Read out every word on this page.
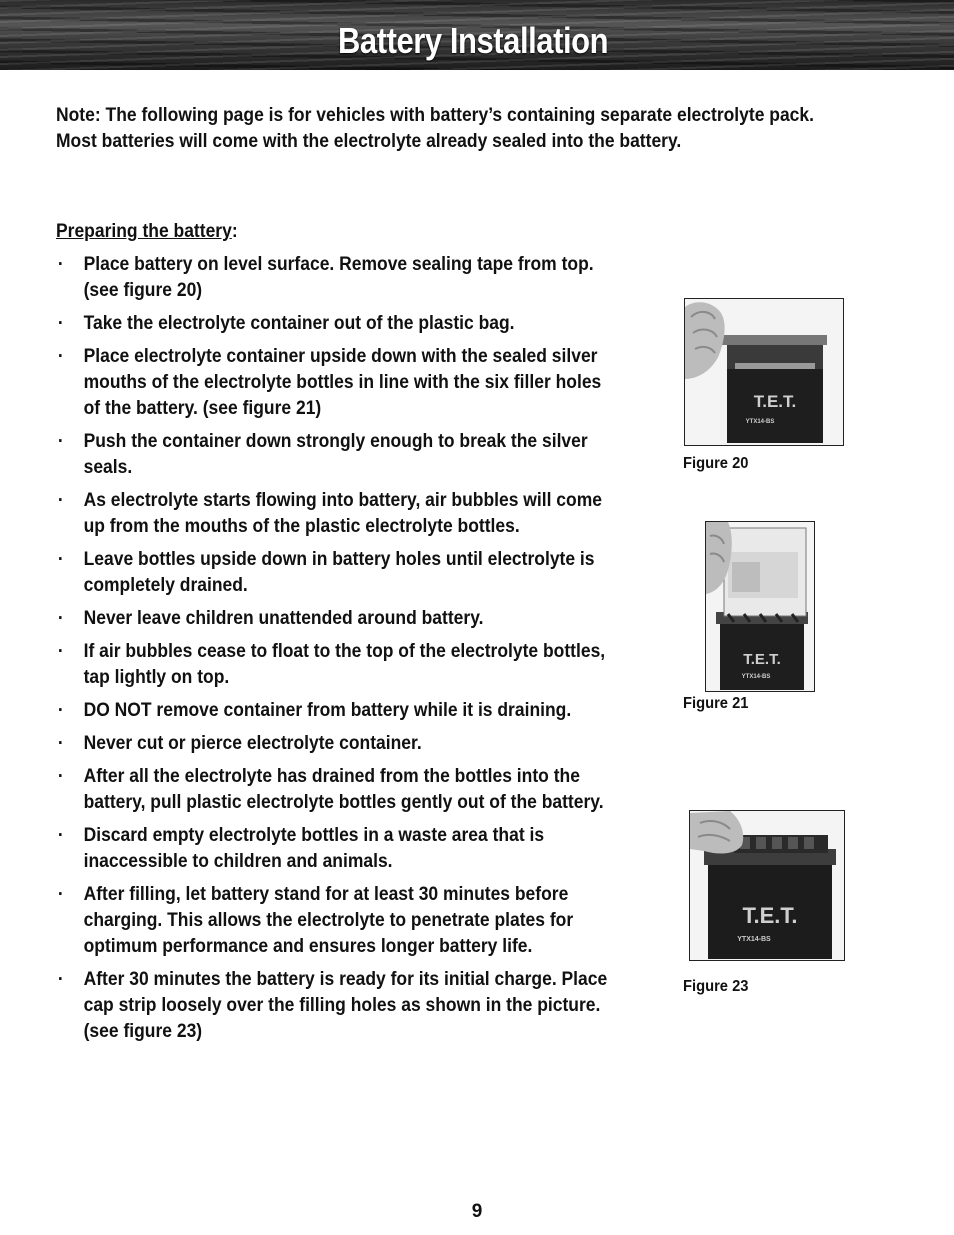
Battery Installation
Note: The following page is for vehicles with battery’s containing separate electrolyte pack. Most batteries will come with the electrolyte already sealed into the battery.
Preparing the battery:
· Place battery on level surface. Remove sealing tape from top. (see figure 20)
· Take the electrolyte container out of the plastic bag.
· Place electrolyte container upside down with the sealed silver mouths of the electrolyte bottles in line with the six filler holes of the battery. (see figure 21)
· Push the container down strongly enough to break the silver seals.
· As electrolyte starts flowing into battery, air bubbles will come up from the mouths of the plastic electrolyte bottles.
· Leave bottles upside down in battery holes until electrolyte is completely drained.
· Never leave children unattended around battery.
· If air bubbles cease to float to the top of the electrolyte bottles, tap lightly on top.
· DO NOT remove container from battery while it is draining.
· Never cut or pierce electrolyte container.
· After all the electrolyte has drained from the bottles into the battery, pull plastic electrolyte bottles gently out of the battery.
· Discard empty electrolyte bottles in a waste area that is inaccessible to children and animals.
· After filling, let battery stand for at least 30 minutes before charging. This allows the electrolyte to penetrate plates for optimum performance and ensures longer battery life.
· After 30 minutes the battery is ready for its initial charge. Place cap strip loosely over the filling holes as shown in the picture. (see figure 23)
T.E.T.
YTX14-BS
Figure 20
T.E.T.
YTX14-BS
Figure 21
T.E.T.
YTX14-BS
Figure 23
9
